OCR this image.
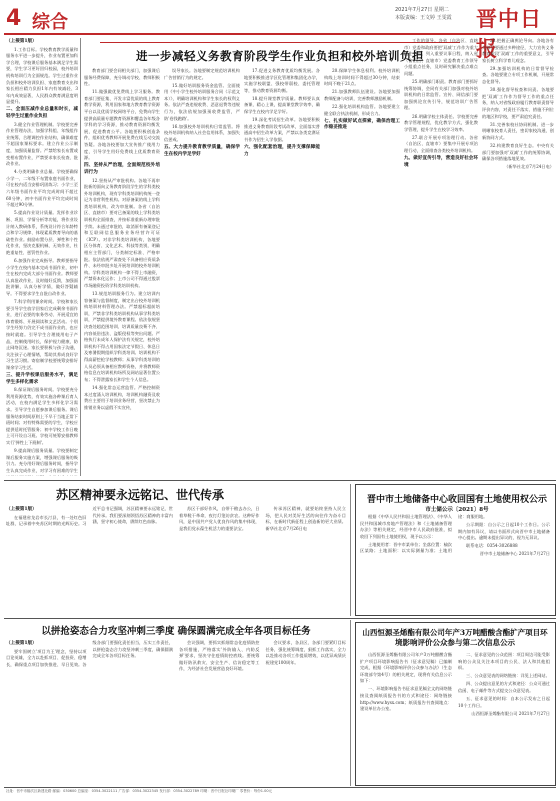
4 综合
2021年7月27日 星期二
本版责编：王文婷 王雯霞 晋中日报
进一步减轻义务教育阶段学生作业负担和校外培训负担

（上接第1版）

1.工作目标。学校教育教学质量和服务水平进一步提升，作业布置更加科学合理，学校课后服务基本满足学生需要，学生学习更好回归校园，校外培训机构培训行为全面规范。学生过重作业负担和校外培训负担、家庭教育支出和家长相应精力负担1年内有效减轻、3年内成效显著，人民群众教育满意度明显提升。

二、全面压减作业总量和时长，减轻学生过重作业负担

3.健全作业管理机制。学校要完善作业管理办法，加强学科组、年级组作业统筹，合理调控作业结构，确保难度不超国家课标要求。建立作业公示制度，加强质量监督。严禁给家长布置或变相布置作业，严禁要求家长检查、批改作业。

4.分类明确作业总量。学校要确保小学一、二年级不布置家庭书面作业，可在校内适当安排巩固练习；小学三至六年级书面作业平均完成时间不超过60分钟，初中书面作业平均完成时间不超过90分钟。

5.提高作业设计质量。发挥作业诊断、巩固、学情分析等功能，将作业设计纳入教研体系，系统设计符合年龄特点和学习规律、体现素质教育导向的基础性作业。鼓励布置分层、弹性和个性化作业，坚决克服机械、无效作业，杜绝重复性、惩罚性作业。

6.加强作业完成指导。教师要指导小学生在校内基本完成书面作业，初中生在校内完成大部分书面作业。教师要认真批改作业，及时做好反馈，加强面批讲解，认真分析学情，做好答疑辅导。不得要求学生自批自改作业。

7.科学利用课余时间。学校和家长要引导学生放学回家后完成剩余书面作业，进行必要的家务劳动、开展适宜的体育锻炼、开展阅读和文艺活动。个别学生经努力仍完不成书面作业的，也应按时就寝。引导学生合理使用电子产品，控制使用时长，保护视力健康，防止网络沉迷。家长要积极与孩子沟通，关注孩子心理情绪，帮助其养成良好学习生活习惯。寄宿制学校要统筹安排好课余学习生活。

三、提升学校课后服务水平，满足学生多样化需求

8.保证课后服务时间。学校要充分利用资源优势，有效实施各种课后育人活动，在校内满足学生多样化学习需求。引导学生自愿参加课后服务。课后服务结束时间原则上不早于当地正常下班时间；对有特殊需要的学生，学校应提供延时托管服务；初中学校工作日晚上可开设自习班。学校可统筹安排教师实行'弹性上下班制'。

9.提高课后服务质量。学校要制定课后服务实施方案，增强课后服务的吸引力。充分用好课后服务时间，指导学生认真完成作业，对学习有困难的学生

教育部门要会同相关部门，加强课后服务经费保障，充分调动学校、教师积极性。

11.做强做优免费线上学习服务。教育部门要征集、开发丰富优质的线上教育教学资源，利用国家和地方教育教学资源平台以及优质学校网络平台，免费向学生提供高质量专题教育资源和覆盖各年级各学科的学习资源，推动教育资源均衡发展，促进教育公平。各地要积极创造条件，组织优秀教师开展免费在线互动交流答疑。各地各校要加大宣传推广使用力度，引导学生用好免费线上优质教育资源。

四、坚持从严治理，全面规范校外培训行为

12.坚持从严审批机构。各地不再审批新的面向义务教育阶段学生的学科类校外培训机构，现有学科类培训机构统一登记为非营利性机构。对原备案的线上学科类培训机构，改为审批制。各省（自治区、直辖市）要对已备案的线上学科类培训机构全面排查，并按标准重新办理审批手续。未通过审批的，取消原有备案登记和互联网信息服务业务经营许可证（ICP）。对非学科类培训机构，各地要区分体育、文化艺术、科技等类别，明确相应主管部门，分类制定标准、严格审批。依法依规严肃查处不具备相应资质条件、未经审批多址开展培训的校外培训机构。学科类培训机构一律不得上市融资，严禁资本化运作；上市公司不得通过股票市场融资投资学科类培训机构。

13.规范培训服务行为。建立培训内容备案与监督制度，制定出台校外培训机构培训材料管理办法。严禁超标超前培训，严禁非学科类培训机构从事学科类培训，严禁提供境外教育课程。依法依规坚决查处超范围培训、培训质量良莠不齐、内容低俗违法、盗版侵权等突出问题。严格执行未成年人保护法有关规定，校外培训机构不得占用国家法定节假日、休息日及寒暑假期组织学科类培训。培训机构不得高薪挖抢学校教师；从事学科类培训的人员必须具备相应教师资格，并将教师资格信息在培训机构场所及网站显著位置公布；不得泄露家长和学生个人信息。

14.强化常态运营监管。严格控制资本过度涌入培训机构，培训机构融资及收费应主要用于培训业务经营，坚决禁止为推销业务以虚假不实宣传，

误导家长。各地要制定规范培训机构广告营销行为的规定。

15.做好培训服务资金监管。全面使用《中小学生校外培训服务合同（示范文本）》，明确培训机构和学生家长的权利义务。依法严查违规收费、恶意退费等违规行为，依法依规加强预收费监管，严防'卷钱跑路'。

16.加强校外培训机构日常监管。将校外培训机构纳入社会信用体系，加强失信惩戒。

五、大力提升教育教学质量，确保学生在校内学足学好

17.促进义务教育优质均衡发展。各地要积极推进学区化管理和集团化办学，实施学校联盟、强校带弱校、委托管理等，推动教育资源均衡。

18.提升课堂教学质量。教师要认真备课、精心上课，提高课堂教学效率，确保学生在校内学足学好。

19.深化考试招生改革。各地要积极推进义务教育阶段考试改革，全面落实普通高中招生改革方案，严禁以各类竞赛证书作为招生入学依据。

六、强化配套治理，提升支撑保障能力

20.保障学生休息权利。校外培训机构线上培训时间不得超过30分钟，结束时间不晚于21点。

21.加强教师队伍建设。各地要加强教师配备与培训，完善教师激励机制。

22.强化培训机构监管。各地要建立健全联合执法机制，形成合力。

七、扎实做好试点探索，确保治理工作稳妥推进

工作的领导。各省（自治区、直辖市）党委和政府要把'双减'工作作为重大民生工程，列入重要议事日程，纳入省（自治区、直辖市）党委教育工作领导小组重点任务，及时研究解决重点难点问题。

25.明确部门职责。教育部门要抓好统筹协调，会同有关部门加强对校外培训机构的日常监管。宣传、网信部门要加强舆论宣传引导，规范培训广告管理。

26.明确学校主体责任。学校要完善教学管理规程，优化教学方式，强化教学管理，提升学生在校学习效率。

27.联合开展专项治理行动。各省（自治区、直辖市）要集中开展专项治理行动，全面排查各类校外培训机构。

九、做好宣传引导，营造良好社会环境

28.把握正确舆论导向。各地各有关部门要通过多种途径，大力宣传义务教育阶段'双减'工作的重要意义，引导家长树立科学育儿观念。

29.加强培训机构的日常督导检查。各地要建立专项工作机制，开展常态化督导。

30.强化督导检查和问责。各地要把'双减'工作作为督导工作的重点任务，纳入对省级政府履行教育职责督导评价内容，对责任不落实、措施不到位的地区和学校，要严肃追究责任。

31.完善家校社协同机制。进一步明晰家校育人责任，密切家校沟通，创新协同方式。

32.构建教育良好生态。中央有关部门要加强对'双减'工作的统筹协调，确保各项措施落地见效。

（新华社北京7月24日电）

苏区精神要永远铭记、世代传承

（上接第1版）

在福建省龙岩市长汀县，有一处红色旧址群，记录着中央苏区时期的光辉历史。习近平总书记强调，苏区精神要永远铭记、世代传承。我们要深刻领悟苏区精神的丰富内涵，坚守初心使命，赓续红色血脉。

苏区干部好作风，自带干粮去办公，日着草鞋干革命，夜打灯笼访贫农。这种好作风，是中国共产党人优良作风的集中体现，是我们党永葆生机活力的重要法宝。

传承苏区精神，就要始终坚持人民立场，把人民对美好生活的向往作为奋斗目标，在新时代新征程上创造新的更大业绩。新华社北京7月26日电

晋中市土地储备中心收回国有土地使用权公示
市土储公示〔2021〕8号

根据《中华人民共和国土地管理法》、《中华人民共和国城市房地产管理法》和《土地储备管理办法》等相关规定，经晋中市人民政府批准，拟收回下列国有土地使用权，现予以公示：

土地使用者：晋中市某单位；坐落位置：榆次区某路；土地面积：以实际测量为准；土地用途：商服用地。

公示期限：自公示之日起10个工作日。公示期内如有异议，请以书面形式向晋中市土地储备中心提出。逾期未提出异议的，视为无异议。

联系电话：0354-3026888

晋中市土地储备中心 2021年7月27日

以拼抢姿态合力攻坚冲刺三季度 确保圆满完成全年各项目标任务

（上接第1版）

要牢固树立'项目为王'理念，坚持以项目论英雄，全力以赴抓项目、促投资、稳增长，确保重点项目加快推进、早日见效。各级各部门要强化责任担当，压实工作责任，以拼抢姿态合力攻坚冲刺三季度，确保圆满完成全年各项目标任务。

会议强调，要抓实抓细常态化疫情防控各项措施，严格落实'外防输入、内防反弹'要求，坚决守住疫情防控底线。要统筹做好防汛救灾、安全生产、信访稳定等工作，为经济社会发展营造良好环境。

会议要求，各县区、各部门要紧盯目标任务，强化统筹调度，狠抓工作落实，全力以赴推动各项工作提质增效，以优异成绩庆祝建党100周年。

山西恒源圣烯酯有限公司年产3万吨醋酸含酯扩产项目环境影响评价公众参与第二次信息公示

山西恒源圣烯酯有限公司年产3万吨醋酸含酯扩产项目环境影响报告书（征求意见稿）已编制完成，根据《环境影响评价公众参与办法》（生态环境部令第4号）的相关规定，现将有关信息公示如下：

一、环境影响报告书征求意见稿全文的网络链接及查阅纸质报告书的方式和途径：网络链接http://www.hysx.com；纸质报告书查阅地点：建设单位办公室。

二、征求意见的公众范围：项目周边可能受影响的公众及关注本项目的公民、法人和其他组织。

三、公众意见表的网络链接：详见上述网站。

四、公众提出意见的方式和途径：公众可通过信函、电子邮件等方式提交公众意见表。

五、征求意见的时间：自本公示发布之日起10个工作日。

山西恒源圣烯酯有限公司 2021年7月27日

社址：晋中市榆次区新建北路 邮编：030600 总编室：0354-3022111 广告部：0354-3022345 发行部：0354-3022789 印刷：晋中日报社印刷厂 零售价：每份1.00元
